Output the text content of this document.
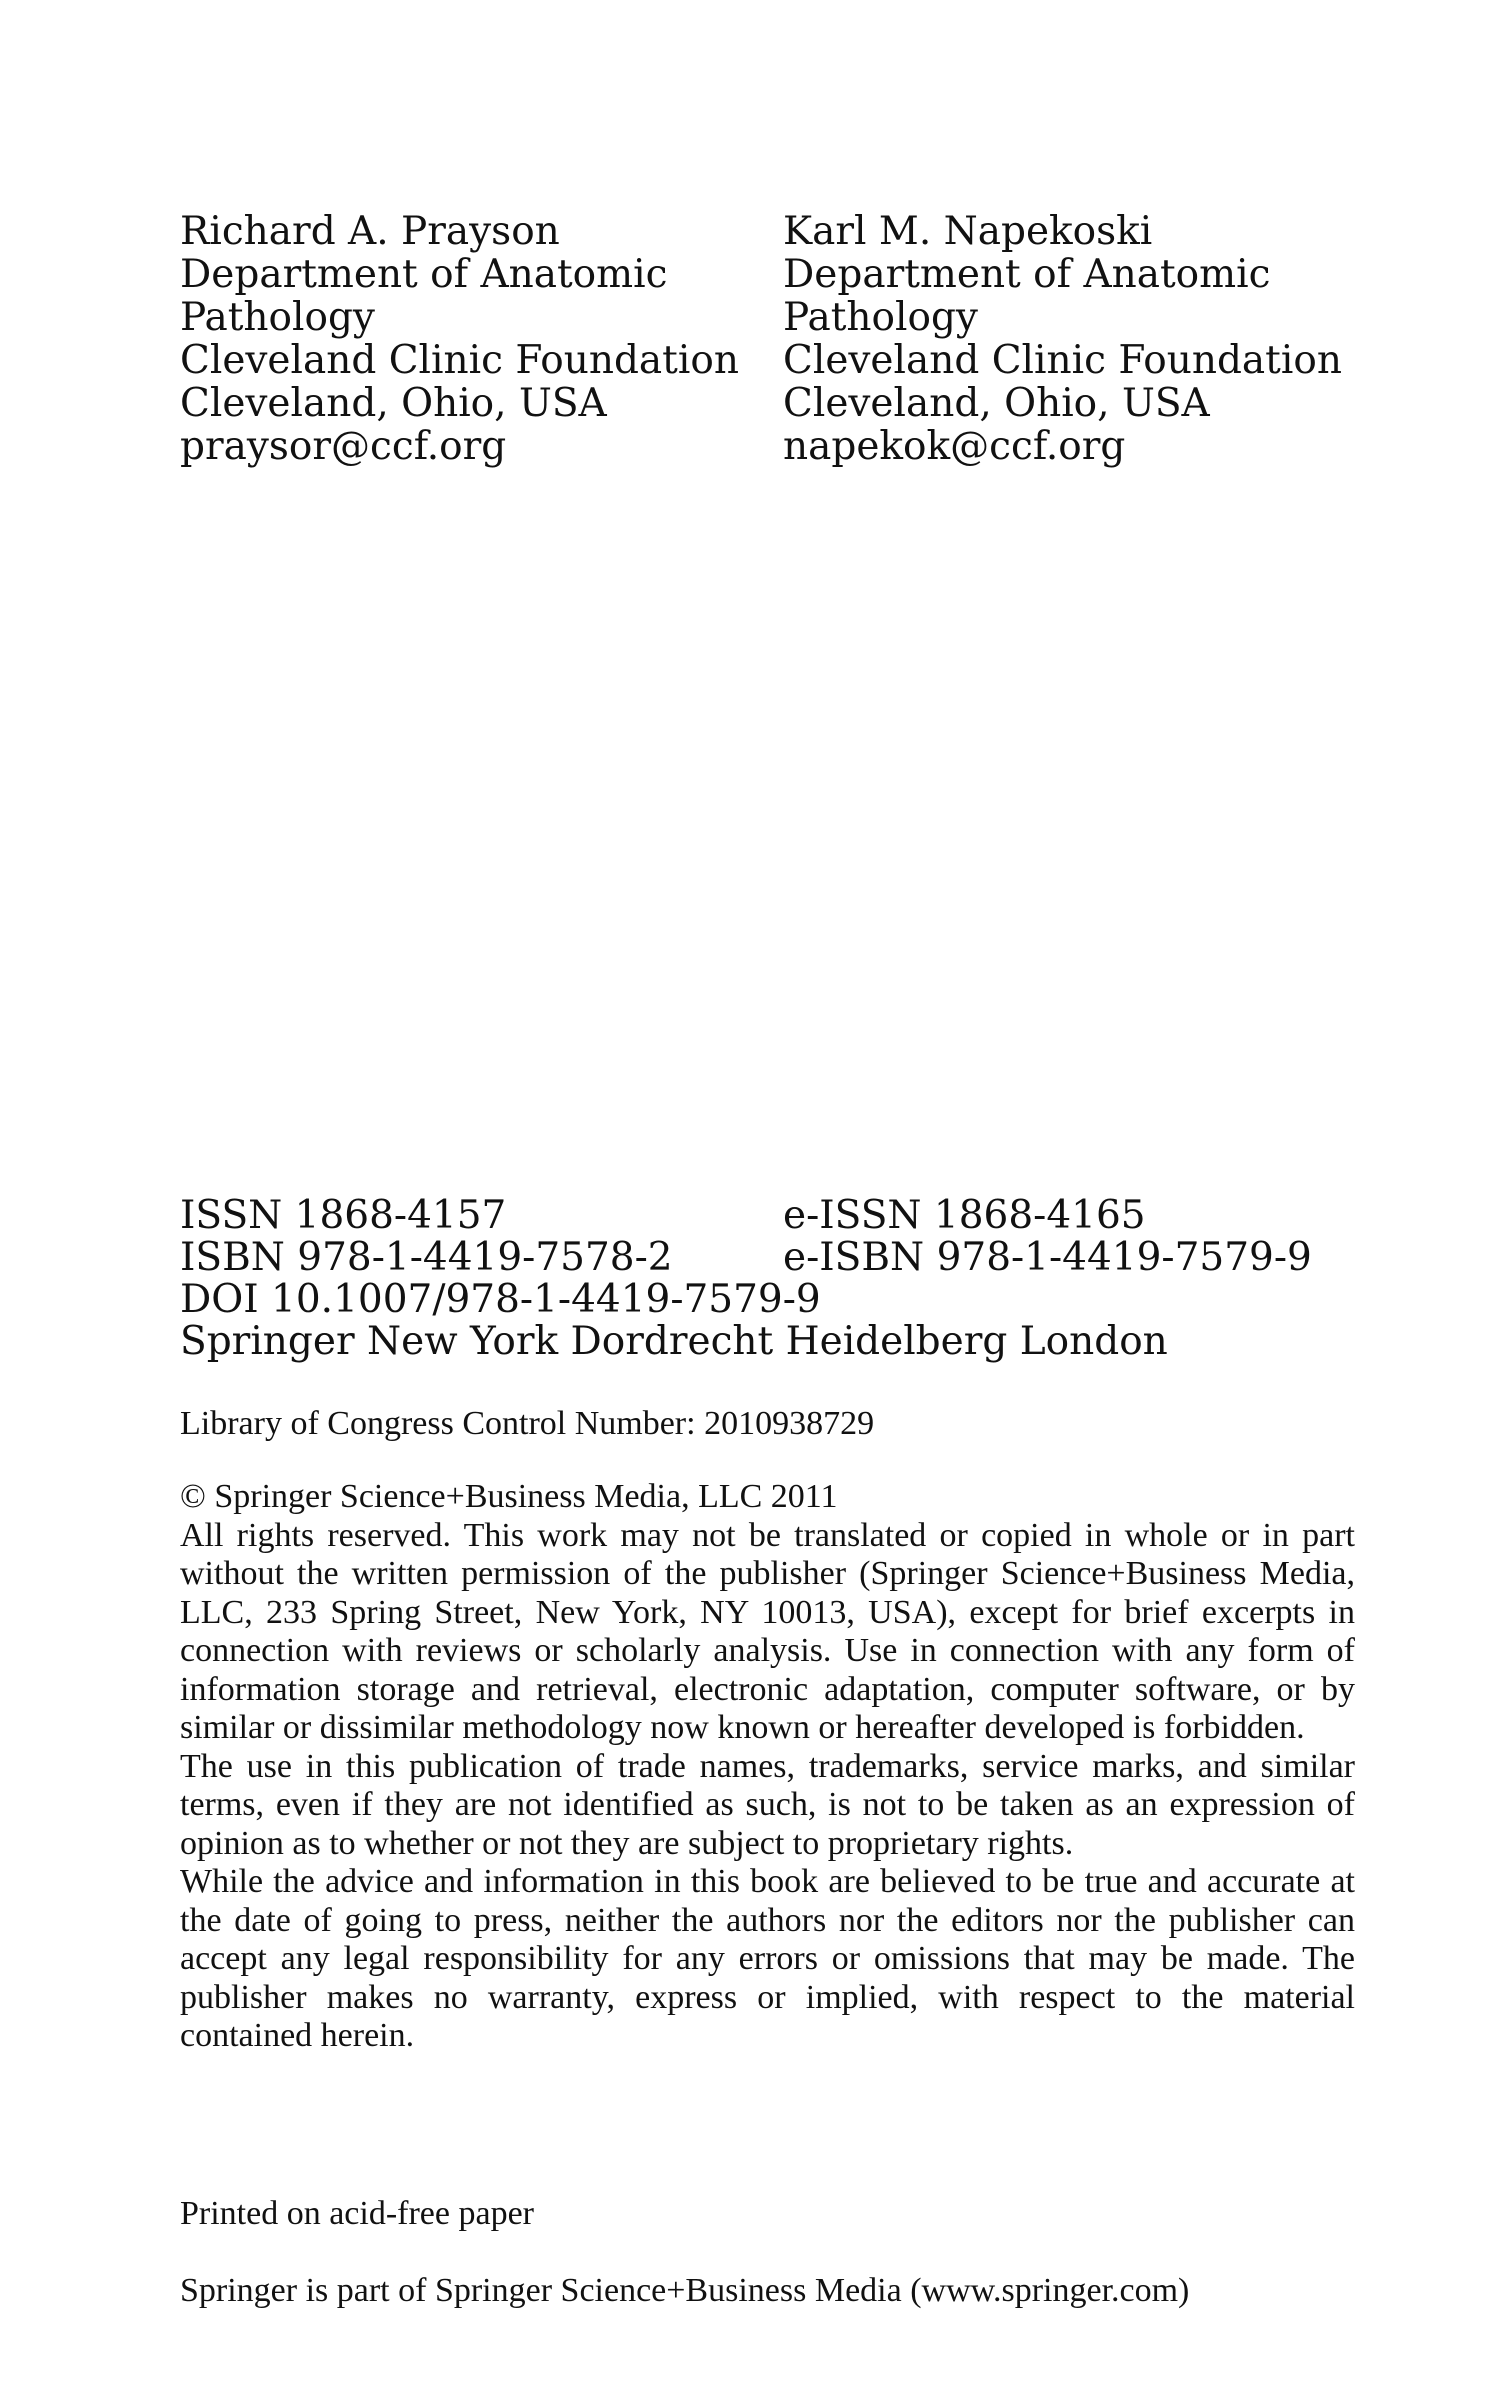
Richard A. Prayson
Department of Anatomic
Pathology
Cleveland Clinic Foundation
Cleveland, Ohio, USA
praysor@ccf.org
Karl M. Napekoski
Department of Anatomic
Pathology
Cleveland Clinic Foundation
Cleveland, Ohio, USA
napekok@ccf.org
ISSN 1868-4157	e-ISSN 1868-4165
ISBN 978-1-4419-7578-2	e-ISBN 978-1-4419-7579-9
DOI 10.1007/978-1-4419-7579-9
Springer New York Dordrecht Heidelberg London
Library of Congress Control Number: 2010938729

© Springer Science+Business Media, LLC 2011

All rights reserved. This work may not be translated or copied in whole or in part without the written permission of the publisher (Springer Science+Business Media, LLC, 233 Spring Street, New York, NY 10013, USA), except for brief excerpts in connection with reviews or scholarly analysis. Use in connection with any form of information storage and retrieval, electronic adaptation, computer software, or by similar or dissimilar methodology now known or hereafter developed is forbidden.

The use in this publication of trade names, trademarks, service marks, and similar terms, even if they are not identified as such, is not to be taken as an expression of opinion as to whether or not they are subject to proprietary rights.

While the advice and information in this book are believed to be true and accurate at the date of going to press, neither the authors nor the editors nor the publisher can accept any legal responsibility for any errors or omissions that may be made. The publisher makes no warranty, express or implied, with respect to the material contained herein.

Printed on acid-free paper
Springer is part of Springer Science+Business Media (www.springer.com)
